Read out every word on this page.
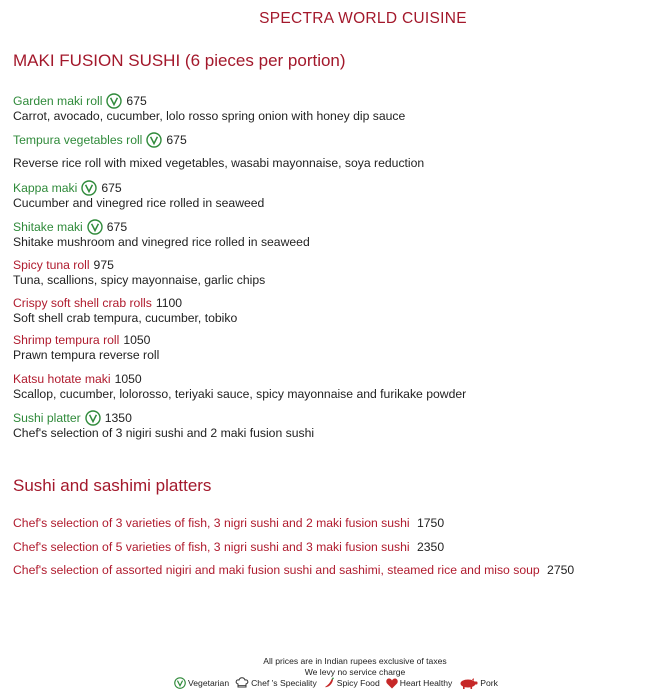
SPECTRA WORLD CUISINE
MAKI FUSION SUSHI (6 pieces per portion)
Garden maki roll 675
Carrot, avocado, cucumber, lolo rosso spring onion with honey dip sauce
Tempura vegetables roll 675
Reverse rice roll with mixed vegetables, wasabi mayonnaise, soya reduction
Kappa maki 675
Cucumber and vinegred rice rolled in seaweed
Shitake maki 675
Shitake mushroom and vinegred rice rolled in seaweed
Spicy tuna roll 975
Tuna, scallions, spicy mayonnaise, garlic chips
Crispy soft shell crab rolls 1100
Soft shell crab tempura, cucumber, tobiko
Shrimp tempura roll 1050
Prawn tempura reverse roll
Katsu hotate maki 1050
Scallop, cucumber, lolorosso, teriyaki sauce, spicy mayonnaise and furikake powder
Sushi platter 1350
Chef's selection of 3 nigiri sushi and 2 maki fusion sushi
Sushi and sashimi platters
Chef's selection of 3 varieties of fish, 3 nigri sushi and 2 maki fusion sushi 1750
Chef's selection of 5 varieties of fish, 3 nigri sushi and 3 maki fusion sushi 2350
Chef's selection of assorted nigiri and maki fusion sushi and sashimi, steamed rice and miso soup 2750
All prices are in Indian rupees exclusive of taxes
We levy no service charge
Vegetarian	Chef 's Speciality Spicy Food Heart Healthy	Pork
